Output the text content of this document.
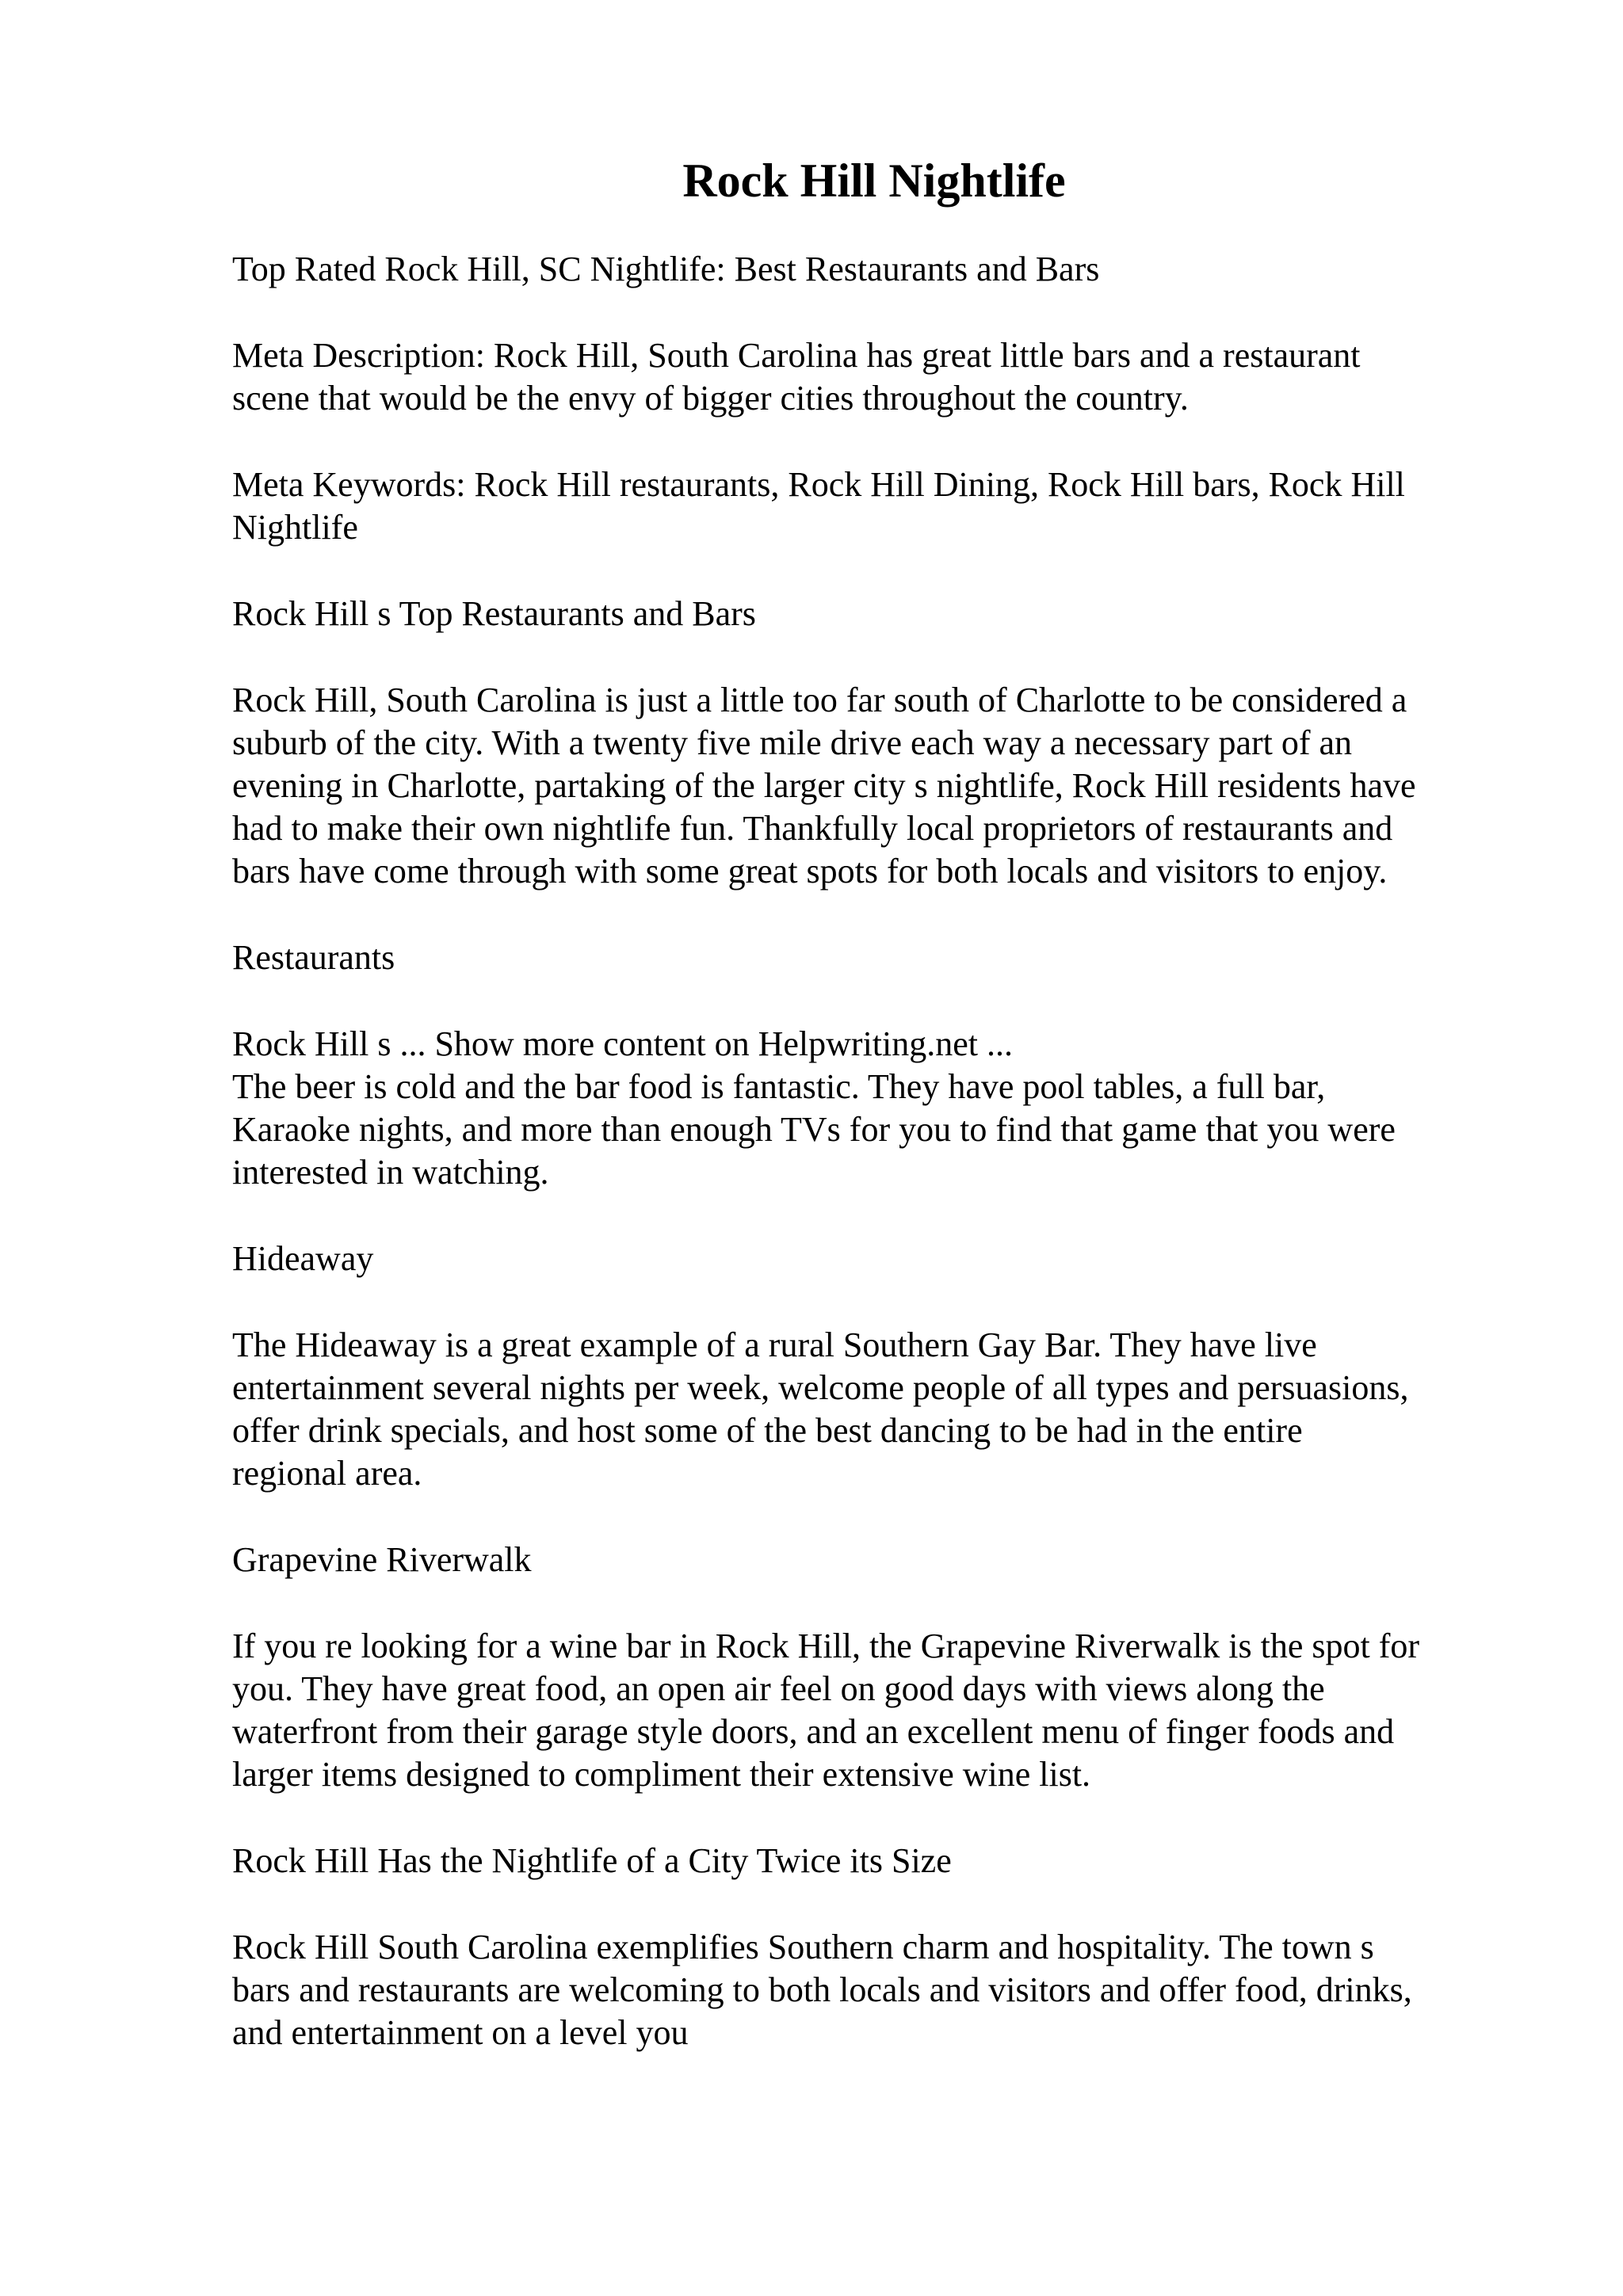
Rock Hill Nightlife
Top Rated Rock Hill, SC Nightlife: Best Restaurants and Bars
Meta Description: Rock Hill, South Carolina has great little bars and a restaurant
scene that would be the envy of bigger cities throughout the country.
Meta Keywords: Rock Hill restaurants, Rock Hill Dining, Rock Hill bars, Rock Hill
Nightlife
Rock Hill s Top Restaurants and Bars
Rock Hill, South Carolina is just a little too far south of Charlotte to be considered a
suburb of the city. With a twenty five mile drive each way a necessary part of an
evening in Charlotte, partaking of the larger city s nightlife, Rock Hill residents have
had to make their own nightlife fun. Thankfully local proprietors of restaurants and
bars have come through with some great spots for both locals and visitors to enjoy.
Restaurants
Rock Hill s ... Show more content on Helpwriting.net ...
The beer is cold and the bar food is fantastic. They have pool tables, a full bar,
Karaoke nights, and more than enough TVs for you to find that game that you were
interested in watching.
Hideaway
The Hideaway is a great example of a rural Southern Gay Bar. They have live
entertainment several nights per week, welcome people of all types and persuasions,
offer drink specials, and host some of the best dancing to be had in the entire
regional area.
Grapevine Riverwalk
If you re looking for a wine bar in Rock Hill, the Grapevine Riverwalk is the spot for
you. They have great food, an open air feel on good days with views along the
waterfront from their garage style doors, and an excellent menu of finger foods and
larger items designed to compliment their extensive wine list.
Rock Hill Has the Nightlife of a City Twice its Size
Rock Hill South Carolina exemplifies Southern charm and hospitality. The town s
bars and restaurants are welcoming to both locals and visitors and offer food, drinks,
and entertainment on a level you
